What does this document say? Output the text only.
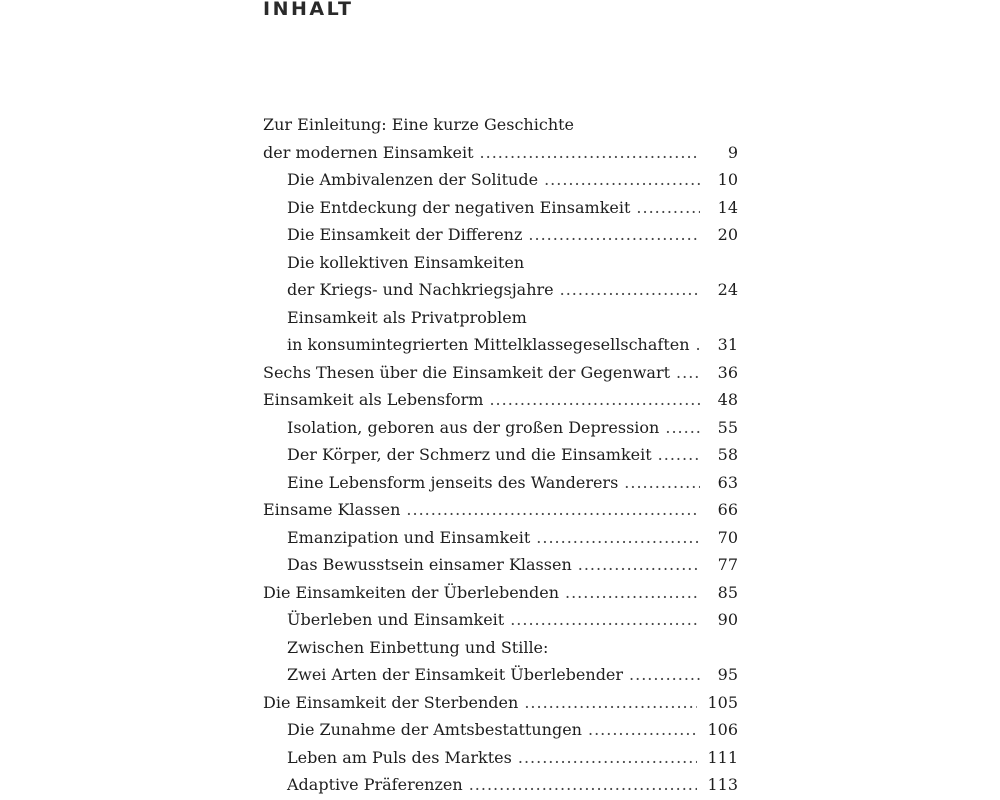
INHALT
Zur Einleitung: Eine kurze Geschichte
der modernen Einsamkeit .....	9
Die Ambivalenzen der Solitude .....	10
Die Entdeckung der negativen Einsamkeit .....	14
Die Einsamkeit der Differenz .....	20
Die kollektiven Einsamkeiten
der Kriegs- und Nachkriegsjahre .....	24
Einsamkeit als Privatproblem
in konsumintegrierten Mittelklassegesellschaften .....	31
Sechs Thesen über die Einsamkeit der Gegenwart .....	36
Einsamkeit als Lebensform .....	48
Isolation, geboren aus der großen Depression .....	55
Der Körper, der Schmerz und die Einsamkeit .....	58
Eine Lebensform jenseits des Wanderers .....	63
Einsame Klassen .....	66
Emanzipation und Einsamkeit .....	70
Das Bewusstsein einsamer Klassen .....	77
Die Einsamkeiten der Überlebenden .....	85
Überleben und Einsamkeit .....	90
Zwischen Einbettung und Stille:
Zwei Arten der Einsamkeit Überlebender .....	95
Die Einsamkeit der Sterbenden .....	105
Die Zunahme der Amtsbestattungen .....	106
Leben am Puls des Marktes .....	111
Adaptive Präferenzen .....	113
